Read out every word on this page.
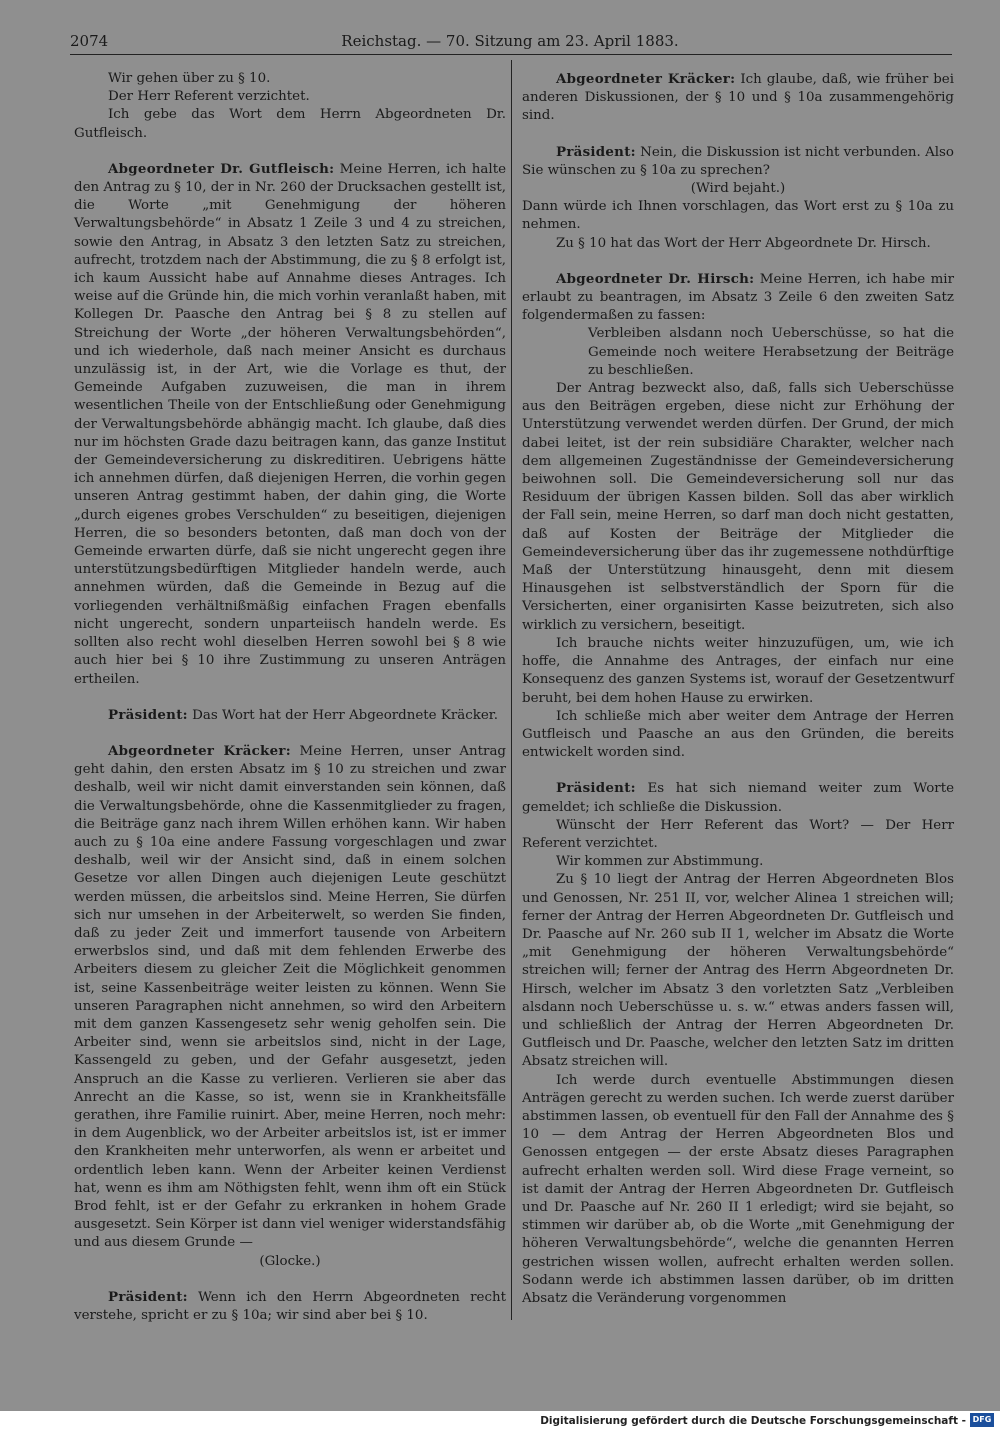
2074	Reichstag. — 70. Sitzung am 23. April 1883.

Wir gehen über zu § 10.

Der Herr Referent verzichtet.

Ich gebe das Wort dem Herrn Abgeordneten Dr. Gutfleisch.

Abgeordneter Dr. Gutfleisch: Meine Herren, ich halte den Antrag zu § 10, der in Nr. 260 der Drucksachen gestellt ist, die Worte „mit Genehmigung der höheren Verwaltungsbehörde“ in Absatz 1 Zeile 3 und 4 zu streichen, sowie den Antrag, in Absatz 3 den letzten Satz zu streichen, aufrecht, trotzdem nach der Abstimmung, die zu § 8 erfolgt ist, ich kaum Aussicht habe auf Annahme dieses Antrages. Ich weise auf die Gründe hin, die mich vorhin veranlaßt haben, mit Kollegen Dr. Paasche den Antrag bei § 8 zu stellen auf Streichung der Worte „der höheren Verwaltungsbehörden“, und ich wiederhole, daß nach meiner Ansicht es durchaus unzulässig ist, in der Art, wie die Vorlage es thut, der Gemeinde Aufgaben zuzuweisen, die man in ihrem wesentlichen Theile von der Entschließung oder Genehmigung der Verwaltungsbehörde abhängig macht. Ich glaube, daß dies nur im höchsten Grade dazu beitragen kann, das ganze Institut der Gemeindeversicherung zu diskreditiren. Uebrigens hätte ich annehmen dürfen, daß diejenigen Herren, die vorhin gegen unseren Antrag gestimmt haben, der dahin ging, die Worte „durch eigenes grobes Verschulden“ zu beseitigen, diejenigen Herren, die so besonders betonten, daß man doch von der Gemeinde erwarten dürfe, daß sie nicht ungerecht gegen ihre unterstützungsbedürftigen Mitglieder handeln werde, auch annehmen würden, daß die Gemeinde in Bezug auf die vorliegenden verhältnißmäßig einfachen Fragen ebenfalls nicht ungerecht, sondern unparteiisch handeln werde. Es sollten also recht wohl dieselben Herren sowohl bei § 8 wie auch hier bei § 10 ihre Zustimmung zu unseren Anträgen ertheilen.

Präsident: Das Wort hat der Herr Abgeordnete Kräcker.

Abgeordneter Kräcker: Meine Herren, unser Antrag geht dahin, den ersten Absatz im § 10 zu streichen und zwar deshalb, weil wir nicht damit einverstanden sein können, daß die Verwaltungsbehörde, ohne die Kassenmitglieder zu fragen, die Beiträge ganz nach ihrem Willen erhöhen kann. Wir haben auch zu § 10a eine andere Fassung vorgeschlagen und zwar deshalb, weil wir der Ansicht sind, daß in einem solchen Gesetze vor allen Dingen auch diejenigen Leute geschützt werden müssen, die arbeitslos sind. Meine Herren, Sie dürfen sich nur umsehen in der Arbeiterwelt, so werden Sie finden, daß zu jeder Zeit und immerfort tausende von Arbeitern erwerbslos sind, und daß mit dem fehlenden Erwerbe des Arbeiters diesem zu gleicher Zeit die Möglichkeit genommen ist, seine Kassenbeiträge weiter leisten zu können. Wenn Sie unseren Paragraphen nicht annehmen, so wird den Arbeitern mit dem ganzen Kassengesetz sehr wenig geholfen sein. Die Arbeiter sind, wenn sie arbeitslos sind, nicht in der Lage, Kassengeld zu geben, und der Gefahr ausgesetzt, jeden Anspruch an die Kasse zu verlieren. Verlieren sie aber das Anrecht an die Kasse, so ist, wenn sie in Krankheitsfälle gerathen, ihre Familie ruinirt. Aber, meine Herren, noch mehr: in dem Augenblick, wo der Arbeiter arbeitslos ist, ist er immer den Krankheiten mehr unterworfen, als wenn er arbeitet und ordentlich leben kann. Wenn der Arbeiter keinen Verdienst hat, wenn es ihm am Nöthigsten fehlt, wenn ihm oft ein Stück Brod fehlt, ist er der Gefahr zu erkranken in hohem Grade ausgesetzt. Sein Körper ist dann viel weniger widerstandsfähig und aus diesem Grunde —

(Glocke.)

Präsident: Wenn ich den Herrn Abgeordneten recht verstehe, spricht er zu § 10a; wir sind aber bei § 10.

Abgeordneter Kräcker: Ich glaube, daß, wie früher bei anderen Diskussionen, der § 10 und § 10a zusammengehörig sind.

Präsident: Nein, die Diskussion ist nicht verbunden. Also Sie wünschen zu § 10a zu sprechen?

(Wird bejaht.)

Dann würde ich Ihnen vorschlagen, das Wort erst zu § 10a zu nehmen.

Zu § 10 hat das Wort der Herr Abgeordnete Dr. Hirsch.

Abgeordneter Dr. Hirsch: Meine Herren, ich habe mir erlaubt zu beantragen, im Absatz 3 Zeile 6 den zweiten Satz folgendermaßen zu fassen:

Verbleiben alsdann noch Ueberschüsse, so hat die Gemeinde noch weitere Herabsetzung der Beiträge zu beschließen.

Der Antrag bezweckt also, daß, falls sich Ueberschüsse aus den Beiträgen ergeben, diese nicht zur Erhöhung der Unterstützung verwendet werden dürfen. Der Grund, der mich dabei leitet, ist der rein subsidiäre Charakter, welcher nach dem allgemeinen Zugeständnisse der Gemeindeversicherung beiwohnen soll. Die Gemeindeversicherung soll nur das Residuum der übrigen Kassen bilden. Soll das aber wirklich der Fall sein, meine Herren, so darf man doch nicht gestatten, daß auf Kosten der Beiträge der Mitglieder die Gemeindeversicherung über das ihr zugemessene nothdürftige Maß der Unterstützung hinausgeht, denn mit diesem Hinausgehen ist selbstverständlich der Sporn für die Versicherten, einer organisirten Kasse beizutreten, sich also wirklich zu versichern, beseitigt.

Ich brauche nichts weiter hinzuzufügen, um, wie ich hoffe, die Annahme des Antrages, der einfach nur eine Konsequenz des ganzen Systems ist, worauf der Gesetzentwurf beruht, bei dem hohen Hause zu erwirken.

Ich schließe mich aber weiter dem Antrage der Herren Gutfleisch und Paasche an aus den Gründen, die bereits entwickelt worden sind.

Präsident: Es hat sich niemand weiter zum Worte gemeldet; ich schließe die Diskussion.

Wünscht der Herr Referent das Wort? — Der Herr Referent verzichtet.

Wir kommen zur Abstimmung.

Zu § 10 liegt der Antrag der Herren Abgeordneten Blos und Genossen, Nr. 251 II, vor, welcher Alinea 1 streichen will; ferner der Antrag der Herren Abgeordneten Dr. Gutfleisch und Dr. Paasche auf Nr. 260 sub II 1, welcher im Absatz die Worte „mit Genehmigung der höheren Verwaltungsbehörde“ streichen will; ferner der Antrag des Herrn Abgeordneten Dr. Hirsch, welcher im Absatz 3 den vorletzten Satz „Verbleiben alsdann noch Ueberschüsse u. s. w.“ etwas anders fassen will, und schließlich der Antrag der Herren Abgeordneten Dr. Gutfleisch und Dr. Paasche, welcher den letzten Satz im dritten Absatz streichen will.

Ich werde durch eventuelle Abstimmungen diesen Anträgen gerecht zu werden suchen. Ich werde zuerst darüber abstimmen lassen, ob eventuell für den Fall der Annahme des § 10 — dem Antrag der Herren Abgeordneten Blos und Genossen entgegen — der erste Absatz dieses Paragraphen aufrecht erhalten werden soll. Wird diese Frage verneint, so ist damit der Antrag der Herren Abgeordneten Dr. Gutfleisch und Dr. Paasche auf Nr. 260 II 1 erledigt; wird sie bejaht, so stimmen wir darüber ab, ob die Worte „mit Genehmigung der höheren Verwaltungsbehörde“, welche die genannten Herren gestrichen wissen wollen, aufrecht erhalten werden sollen. Sodann werde ich abstimmen lassen darüber, ob im dritten Absatz die Veränderung vorgenommen

Digitalisierung gefördert durch die Deutsche Forschungsgemeinschaft - DFG
